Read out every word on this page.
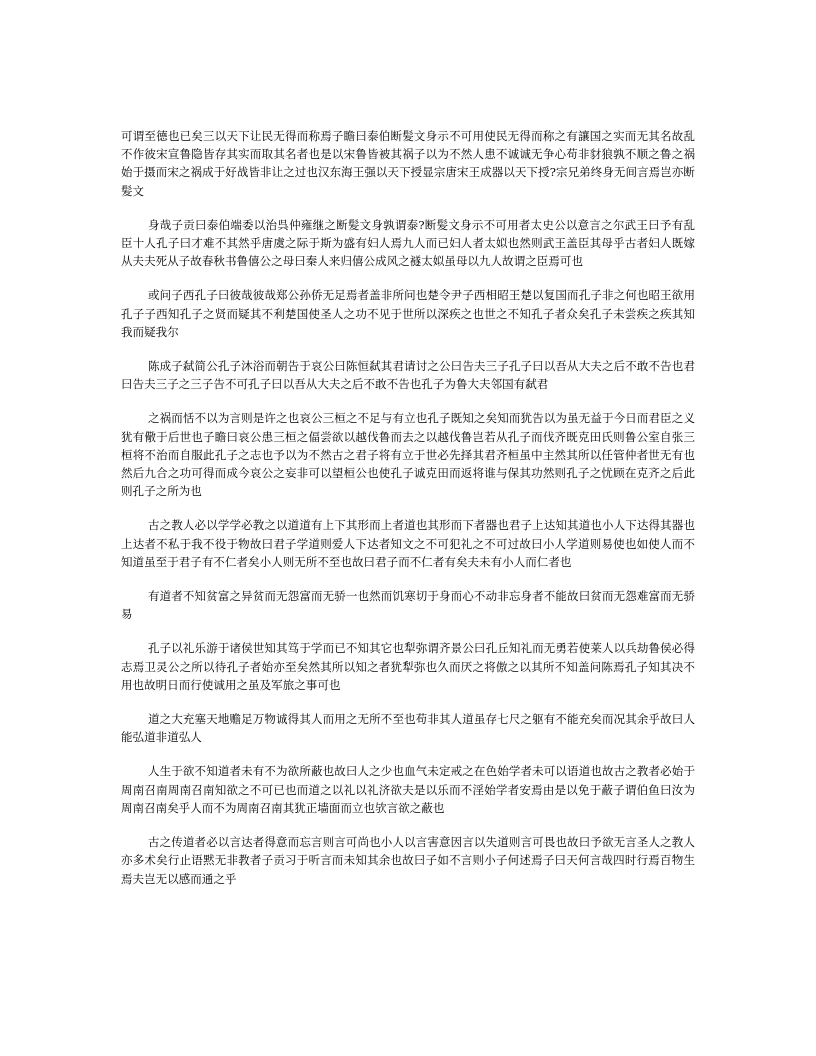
可谓至德也已矣三以天下让民无得而称焉子瞻曰泰伯断髪文身示不可用使民无得而称之有讓国之实而无其名故乱不作彼宋宣鲁隐皆存其实而取其名者也是以宋鲁皆被其祸子以为不然人患不诚诚无争心苟非豺狼孰不顺之鲁之祸始于摄而宋之祸成于好战皆非让之过也汉东海王强以天下授显宗唐宋王成器以天下授?宗兄弟终身无间言焉岂亦断髪文

身哉子贡曰泰伯端委以治呉仲雍继之断髪文身孰谓泰?断髪文身示不可用者太史公以意言之尔武王曰予有乱臣十人孔子曰才难不其然乎唐虞之际于斯为盛有妇人焉九人而已妇人者太姒也然则武王盖臣其母乎古者妇人既嫁从夫夫死从子故春秋书鲁僖公之母曰秦人来归僖公成风之襚太姒虽母以九人故谓之臣焉可也

或问子西孔子曰彼哉彼哉郑公孙侨无足焉者盖非所问也楚令尹子西相昭王楚以复国而孔子非之何也昭王欲用孔子子西知孔子之贤而疑其不利楚国使圣人之功不见于世所以深疾之也世之不知孔子者众矣孔子未尝疾之疾其知我而疑我尔

陈成子弑简公孔子沐浴而朝告于哀公曰陈恒弑其君请讨之公曰告夫三子孔子曰以吾从大夫之后不敢不告也君曰告夫三子之三子告不可孔子曰以吾从大夫之后不敢不告也孔子为鲁大夫邻国有弑君

之祸而恬不以为言则是许之也哀公三桓之不足与有立也孔子既知之矣知而犹告以为虽无益于今日而君臣之义犹有儆于后世也子瞻曰哀公患三桓之偪尝欲以越伐鲁而去之以越伐鲁岂若从孔子而伐齐既克田氏则鲁公室自张三桓将不治而自服此孔子之志也予以为不然古之君子将有立于世必先择其君齐桓虽中主然其所以任管仲者世无有也然后九合之功可得而成今哀公之妄非可以望桓公也使孔子诚克田而返将谁与保其功然则孔子之忧顾在克齐之后此则孔子之所为也

古之教人必以学学必教之以道道有上下其形而上者道也其形而下者器也君子上达知其道也小人下达得其器也上达者不私于我不役于物故曰君子学道则爱人下达者知文之不可犯礼之不可过故曰小人学道则易使也如使人而不知道虽至于君子有不仁者矣小人则无所不至也故曰君子而不仁者有矣夫未有小人而仁者也

有道者不知贫富之异贫而无怨富而无骄一也然而饥寒切于身而心不动非忘身者不能故曰贫而无怨难富而无骄易

孔子以礼乐游于诸侯世知其笃于学而已不知其它也犁弥谓齐景公曰孔丘知礼而无勇若使莱人以兵劫鲁侯必得志焉卫灵公之所以待孔子者始亦至矣然其所以知之者犹犁弥也久而厌之将傲之以其所不知盖问陈焉孔子知其决不用也故明日而行使诚用之虽及军旅之事可也

道之大充塞天地赡足万物诚得其人而用之无所不至也苟非其人道虽存七尺之躯有不能充矣而况其余乎故曰人能弘道非道弘人

人生于欲不知道者未有不为欲所蔽也故曰人之少也血气未定戒之在色始学者未可以语道也故古之教者必始于周南召南周南召南知欲之不可已也而道之以礼以礼济欲夫是以乐而不淫始学者安焉由是以免于蔽子谓伯鱼曰汝为周南召南矣乎人而不为周南召南其犹正墙面而立也欤言欲之蔽也

古之传道者必以言达者得意而忘言则言可尚也小人以言害意因言以失道则言可畏也故曰予欲无言圣人之教人亦多术矣行止语黙无非教者子贡习于听言而未知其余也故曰子如不言则小子何述焉子曰天何言哉四时行焉百物生焉夫岂无以感而通之乎
